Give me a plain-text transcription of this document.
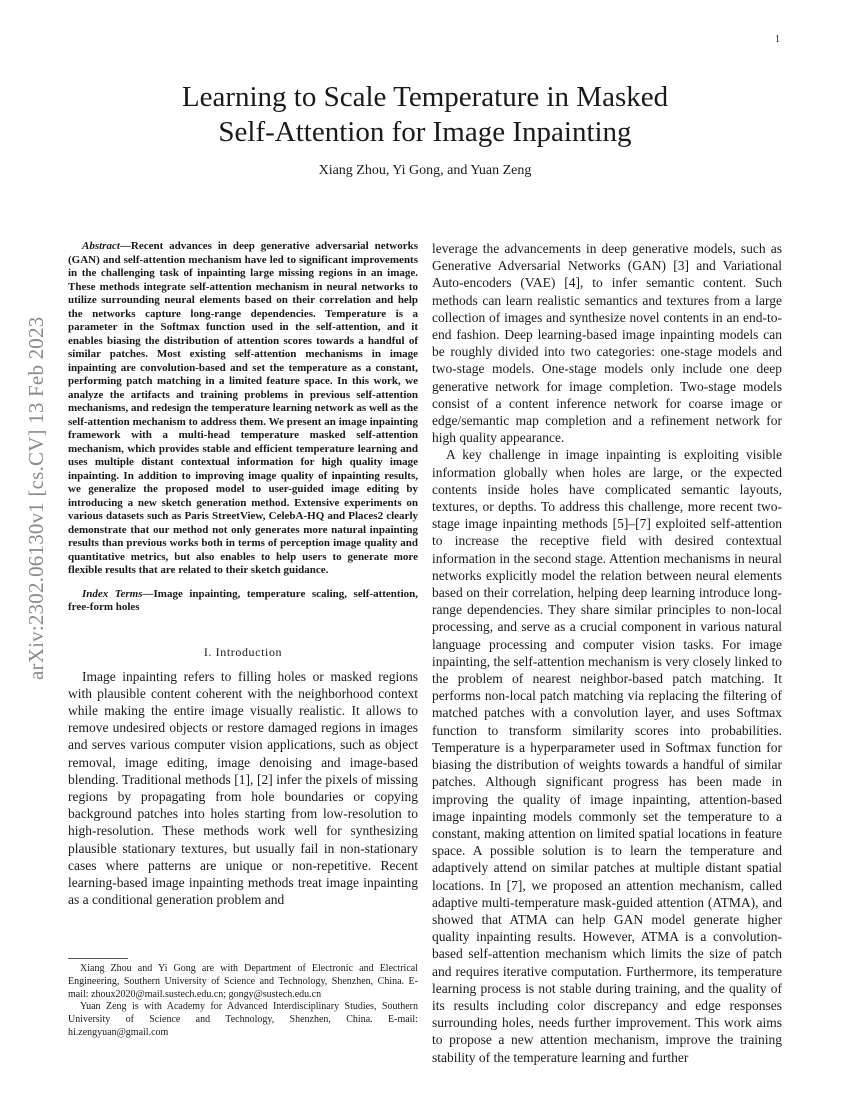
1
arXiv:2302.06130v1 [cs.CV] 13 Feb 2023
Learning to Scale Temperature in Masked
Self-Attention for Image Inpainting
Xiang Zhou, Yi Gong, and Yuan Zeng

Abstract—Recent advances in deep generative adversarial networks (GAN) and self-attention mechanism have led to significant improvements in the challenging task of inpainting large missing regions in an image. These methods integrate self-attention mechanism in neural networks to utilize surrounding neural elements based on their correlation and help the networks capture long-range dependencies. Temperature is a parameter in the Softmax function used in the self-attention, and it enables biasing the distribution of attention scores towards a handful of similar patches. Most existing self-attention mechanisms in image inpainting are convolution-based and set the temperature as a constant, performing patch matching in a limited feature space. In this work, we analyze the artifacts and training problems in previous self-attention mechanisms, and redesign the temperature learning network as well as the self-attention mechanism to address them. We present an image inpainting framework with a multi-head temperature masked self-attention mechanism, which provides stable and efficient temperature learning and uses multiple distant contextual information for high quality image inpainting. In addition to improving image quality of inpainting results, we generalize the proposed model to user-guided image editing by introducing a new sketch generation method. Extensive experiments on various datasets such as Paris StreetView, CelebA-HQ and Places2 clearly demonstrate that our method not only generates more natural inpainting results than previous works both in terms of perception image quality and quantitative metrics, but also enables to help users to generate more flexible results that are related to their sketch guidance.

Index Terms—Image inpainting, temperature scaling, self-attention, free-form holes

I. Introduction

Image inpainting refers to filling holes or masked regions with plausible content coherent with the neighborhood context while making the entire image visually realistic. It allows to remove undesired objects or restore damaged regions in images and serves various computer vision applications, such as object removal, image editing, image denoising and image-based blending. Traditional methods [1], [2] infer the pixels of missing regions by propagating from hole boundaries or copying background patches into holes starting from low-resolution to high-resolution. These methods work well for synthesizing plausible stationary textures, but usually fail in non-stationary cases where patterns are unique or non-repetitive. Recent learning-based image inpainting methods treat image inpainting as a conditional generation problem and

Xiang Zhou and Yi Gong are with Department of Electronic and Electrical Engineering, Southern University of Science and Technology, Shenzhen, China. E-mail: zhoux2020@mail.sustech.edu.cn; gongy@sustech.edu.cn

Yuan Zeng is with Academy for Advanced Interdisciplinary Studies, Southern University of Science and Technology, Shenzhen, China. E-mail: hi.zengyuan@gmail.com

leverage the advancements in deep generative models, such as Generative Adversarial Networks (GAN) [3] and Variational Auto-encoders (VAE) [4], to infer semantic content. Such methods can learn realistic semantics and textures from a large collection of images and synthesize novel contents in an end-to-end fashion. Deep learning-based image inpainting models can be roughly divided into two categories: one-stage models and two-stage models. One-stage models only include one deep generative network for image completion. Two-stage models consist of a content inference network for coarse image or edge/semantic map completion and a refinement network for high quality appearance.

A key challenge in image inpainting is exploiting visible information globally when holes are large, or the expected contents inside holes have complicated semantic layouts, textures, or depths. To address this challenge, more recent two-stage image inpainting methods [5]–[7] exploited self-attention to increase the receptive field with desired contextual information in the second stage. Attention mechanisms in neural networks explicitly model the relation between neural elements based on their correlation, helping deep learning introduce long-range dependencies. They share similar principles to non-local processing, and serve as a crucial component in various natural language processing and computer vision tasks. For image inpainting, the self-attention mechanism is very closely linked to the problem of nearest neighbor-based patch matching. It performs non-local patch matching via replacing the filtering of matched patches with a convolution layer, and uses Softmax function to transform similarity scores into probabilities. Temperature is a hyperparameter used in Softmax function for biasing the distribution of weights towards a handful of similar patches. Although significant progress has been made in improving the quality of image inpainting, attention-based image inpainting models commonly set the temperature to a constant, making attention on limited spatial locations in feature space. A possible solution is to learn the temperature and adaptively attend on similar patches at multiple distant spatial locations. In [7], we proposed an attention mechanism, called adaptive multi-temperature mask-guided attention (ATMA), and showed that ATMA can help GAN model generate higher quality inpainting results. However, ATMA is a convolution-based self-attention mechanism which limits the size of patch and requires iterative computation. Furthermore, its temperature learning process is not stable during training, and the quality of its results including color discrepancy and edge responses surrounding holes, needs further improvement. This work aims to propose a new attention mechanism, improve the training stability of the temperature learning and further
